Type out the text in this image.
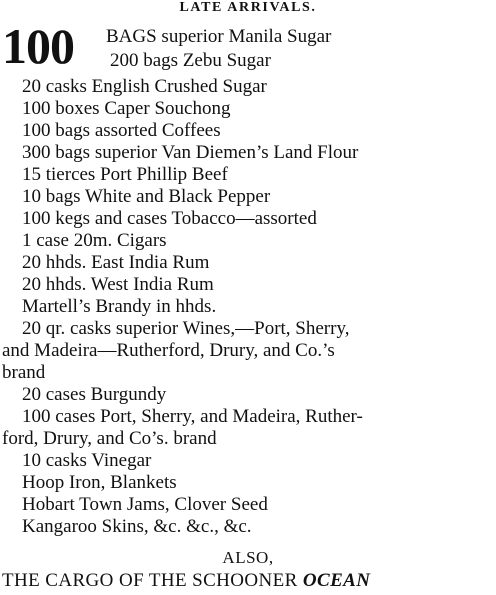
LATE ARRIVALS.
100 BAGS superior Manila Sugar
200 bags Zebu Sugar
20 casks English Crushed Sugar
100 boxes Caper Souchong
100 bags assorted Coffees
300 bags superior Van Diemen’s Land Flour
15 tierces Port Phillip Beef
10 bags White and Black Pepper
100 kegs and cases Tobacco—assorted
1 case 20m. Cigars
20 hhds. East India Rum
20 hhds. West India Rum
Martell’s Brandy in hhds.
20 qr. casks superior Wines,—Port, Sherry,
and Madeira—Rutherford, Drury, and Co.’s
brand
20 cases Burgundy
100 cases Port, Sherry, and Madeira, Ruther-
ford, Drury, and Co’s. brand
10 casks Vinegar
Hoop Iron, Blankets
Hobart Town Jams, Clover Seed
Kangaroo Skins, &c. &c., &c.
ALSO,
THE CARGO OF THE SCHOONER OCEAN
